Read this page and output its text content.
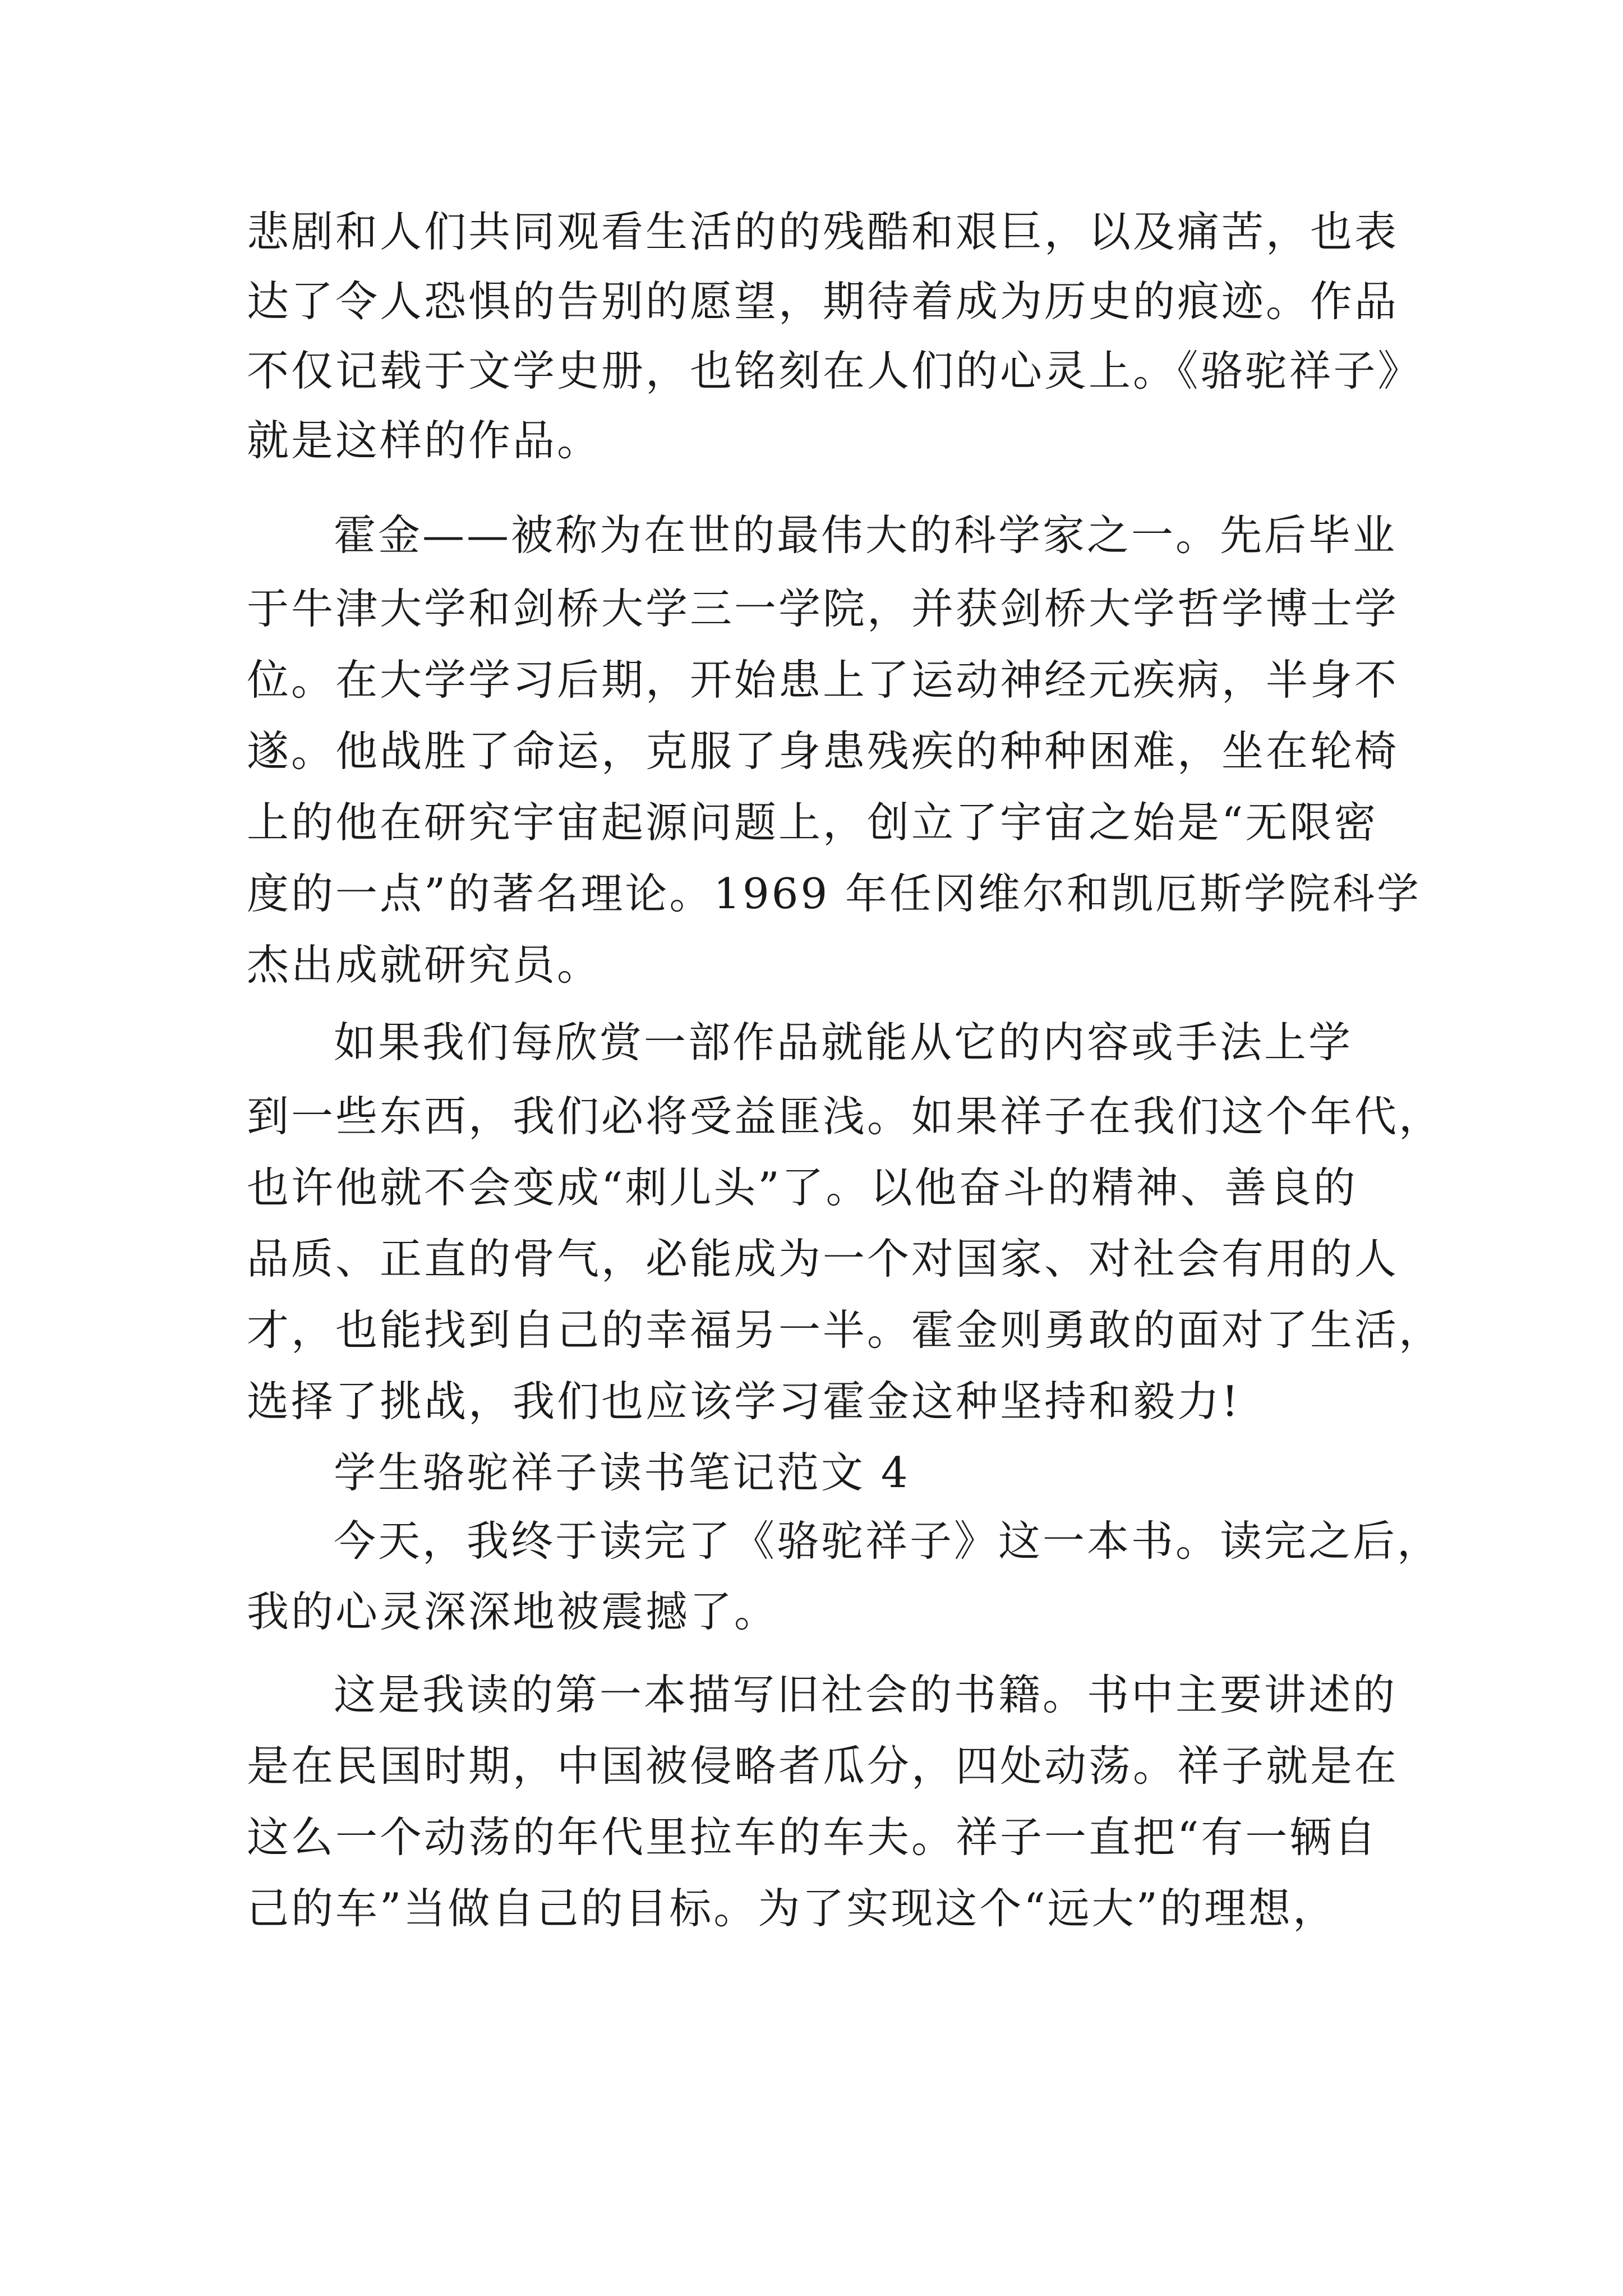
悲剧和人们共同观看生活的的残酷和艰巨，以及痛苦，也表
达了令人恐惧的告别的愿望，期待着成为历史的痕迹。作品
不仅记载于文学史册，也铭刻在人们的心灵上。《骆驼祥子》
就是这样的作品。
霍金——被称为在世的最伟大的科学家之一。先后毕业
于牛津大学和剑桥大学三一学院，并获剑桥大学哲学博士学
位。在大学学习后期，开始患上了运动神经元疾病，半身不
遂。他战胜了命运，克服了身患残疾的种种困难，坐在轮椅
上的他在研究宇宙起源问题上，创立了宇宙之始是“无限密
度的一点”的著名理论。1969 年任冈维尔和凯厄斯学院科学
杰出成就研究员。
如果我们每欣赏一部作品就能从它的内容或手法上学
到一些东西，我们必将受益匪浅。如果祥子在我们这个年代，
也许他就不会变成“刺儿头”了。以他奋斗的精神、善良的
品质、正直的骨气，必能成为一个对国家、对社会有用的人
才，也能找到自己的幸福另一半。霍金则勇敢的面对了生活，
选择了挑战，我们也应该学习霍金这种坚持和毅力!
学生骆驼祥子读书笔记范文 4
今天，我终于读完了《骆驼祥子》这一本书。读完之后，
我的心灵深深地被震撼了。
这是我读的第一本描写旧社会的书籍。书中主要讲述的
是在民国时期，中国被侵略者瓜分，四处动荡。祥子就是在
这么一个动荡的年代里拉车的车夫。祥子一直把“有一辆自
己的车”当做自己的目标。为了实现这个“远大”的理想，
